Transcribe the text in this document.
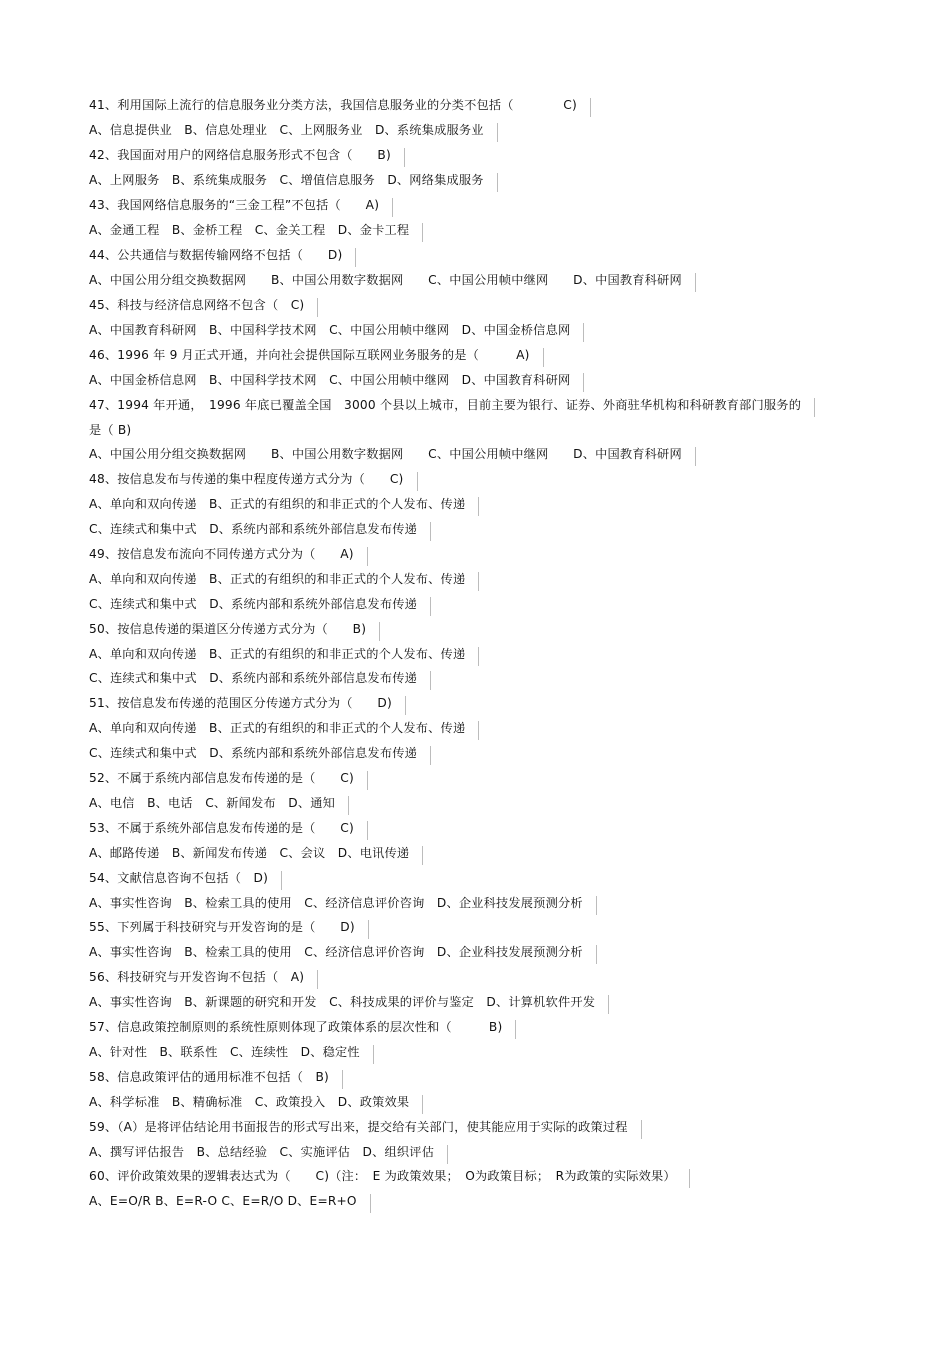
41、利用国际上流行的信息服务业分类方法，我国信息服务业的分类不包括（　　　　C)
A、信息提供业　B、信息处理业　C、上网服务业　D、系统集成服务业
42、我国面对用户的网络信息服务形式不包含（　　B)
A、上网服务　B、系统集成服务　C、增值信息服务　D、网络集成服务
43、我国网络信息服务的“三金工程”不包括（　　A)
A、金通工程　B、金桥工程　C、金关工程　D、金卡工程
44、公共通信与数据传输网络不包括（　　D)
A、中国公用分组交换数据网　　B、中国公用数字数据网　　C、中国公用帧中继网　　D、中国教育科研网
45、科技与经济信息网络不包含（　C)
A、中国教育科研网　B、中国科学技术网　C、中国公用帧中继网　D、中国金桥信息网
46、1996 年 9 月正式开通，并向社会提供国际互联网业务服务的是（　　　A)
A、中国金桥信息网　B、中国科学技术网　C、中国公用帧中继网　D、中国教育科研网
47、1994 年开通，　1996 年底已覆盖全国　3000 个县以上城市，目前主要为银行、证券、外商驻华机构和科研教育部门服务的
是（ B)
A、中国公用分组交换数据网　　B、中国公用数字数据网　　C、中国公用帧中继网　　D、中国教育科研网
48、按信息发布与传递的集中程度传递方式分为（　　C)
A、单向和双向传递　B、正式的有组织的和非正式的个人发布、传递
C、连续式和集中式　D、系统内部和系统外部信息发布传递
49、按信息发布流向不同传递方式分为（　　A)
A、单向和双向传递　B、正式的有组织的和非正式的个人发布、传递
C、连续式和集中式　D、系统内部和系统外部信息发布传递
50、按信息传递的渠道区分传递方式分为（　　B)
A、单向和双向传递　B、正式的有组织的和非正式的个人发布、传递
C、连续式和集中式　D、系统内部和系统外部信息发布传递
51、按信息发布传递的范围区分传递方式分为（　　D)
A、单向和双向传递　B、正式的有组织的和非正式的个人发布、传递
C、连续式和集中式　D、系统内部和系统外部信息发布传递
52、不属于系统内部信息发布传递的是（　　C)
A、电信　B、电话　C、新闻发布　D、通知
53、不属于系统外部信息发布传递的是（　　C)
A、邮路传递　B、新闻发布传递　C、会议　D、电讯传递
54、文献信息咨询不包括（　D)
A、事实性咨询　B、检索工具的使用　C、经济信息评价咨询　D、企业科技发展预测分析
55、下列属于科技研究与开发咨询的是（　　D)
A、事实性咨询　B、检索工具的使用　C、经济信息评价咨询　D、企业科技发展预测分析
56、科技研究与开发咨询不包括（　A)
A、事实性咨询　B、新课题的研究和开发　C、科技成果的评价与鉴定　D、计算机软件开发
57、信息政策控制原则的系统性原则体现了政策体系的层次性和（　　　B)
A、针对性　B、联系性　C、连续性　D、稳定性
58、信息政策评估的通用标准不包括（　B)
A、科学标准　B、精确标准　C、政策投入　D、政策效果
59、（A）是将评估结论用书面报告的形式写出来，提交给有关部门，使其能应用于实际的政策过程
A、撰写评估报告　B、总结经验　C、实施评估　D、组织评估
60、评价政策效果的逻辑表达式为（　　C)（注：　E 为政策效果；　O为政策目标；　R为政策的实际效果）
A、E=O/R B、E=R-O C、E=R/O D、E=R+O
